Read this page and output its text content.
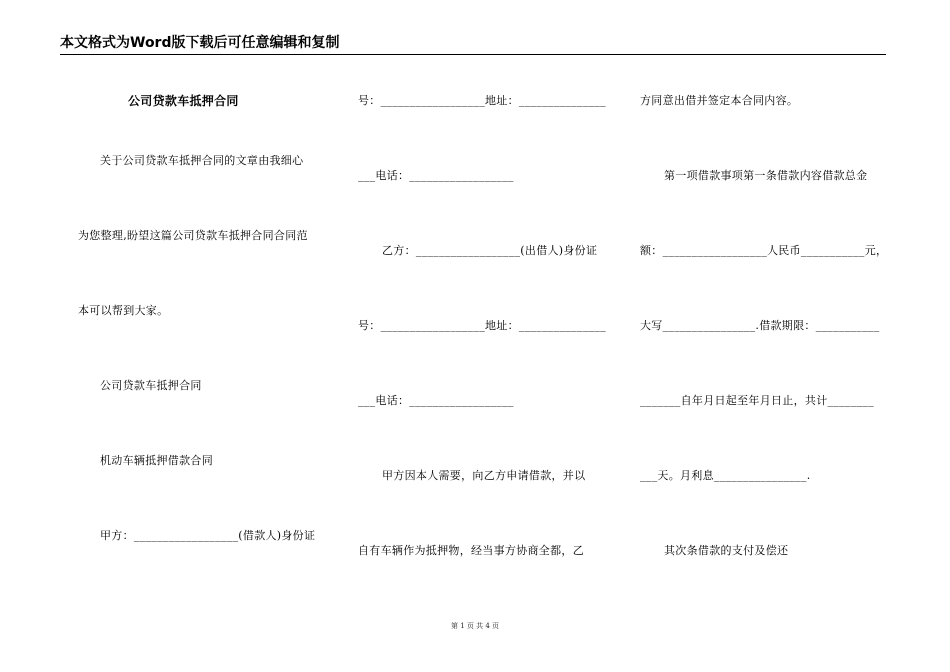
本文格式为Word版下载后可任意编辑和复制
公司贷款车抵押合同
关于公司贷款车抵押合同的文章由我细心
为您整理,盼望这篇公司贷款车抵押合同合同范
本可以帮到大家。
公司贷款车抵押合同
机动车辆抵押借款合同
甲方：__________________(借款人)身份证
号：__________________地址：_______________
___电话：__________________
乙方：__________________(出借人)身份证
号：__________________地址：_______________
___电话：__________________
甲方因本人需要，向乙方申请借款，并以
自有车辆作为抵押物，经当事方协商全都，乙
方同意出借并签定本合同内容。
第一项借款事项第一条借款内容借款总金
额：__________________人民币___________元，
大写________________.借款期限：___________
_______自年月日起至年月日止，共计________
___天。月利息________________.
其次条借款的支付及偿还
第 1 页 共 4 页
